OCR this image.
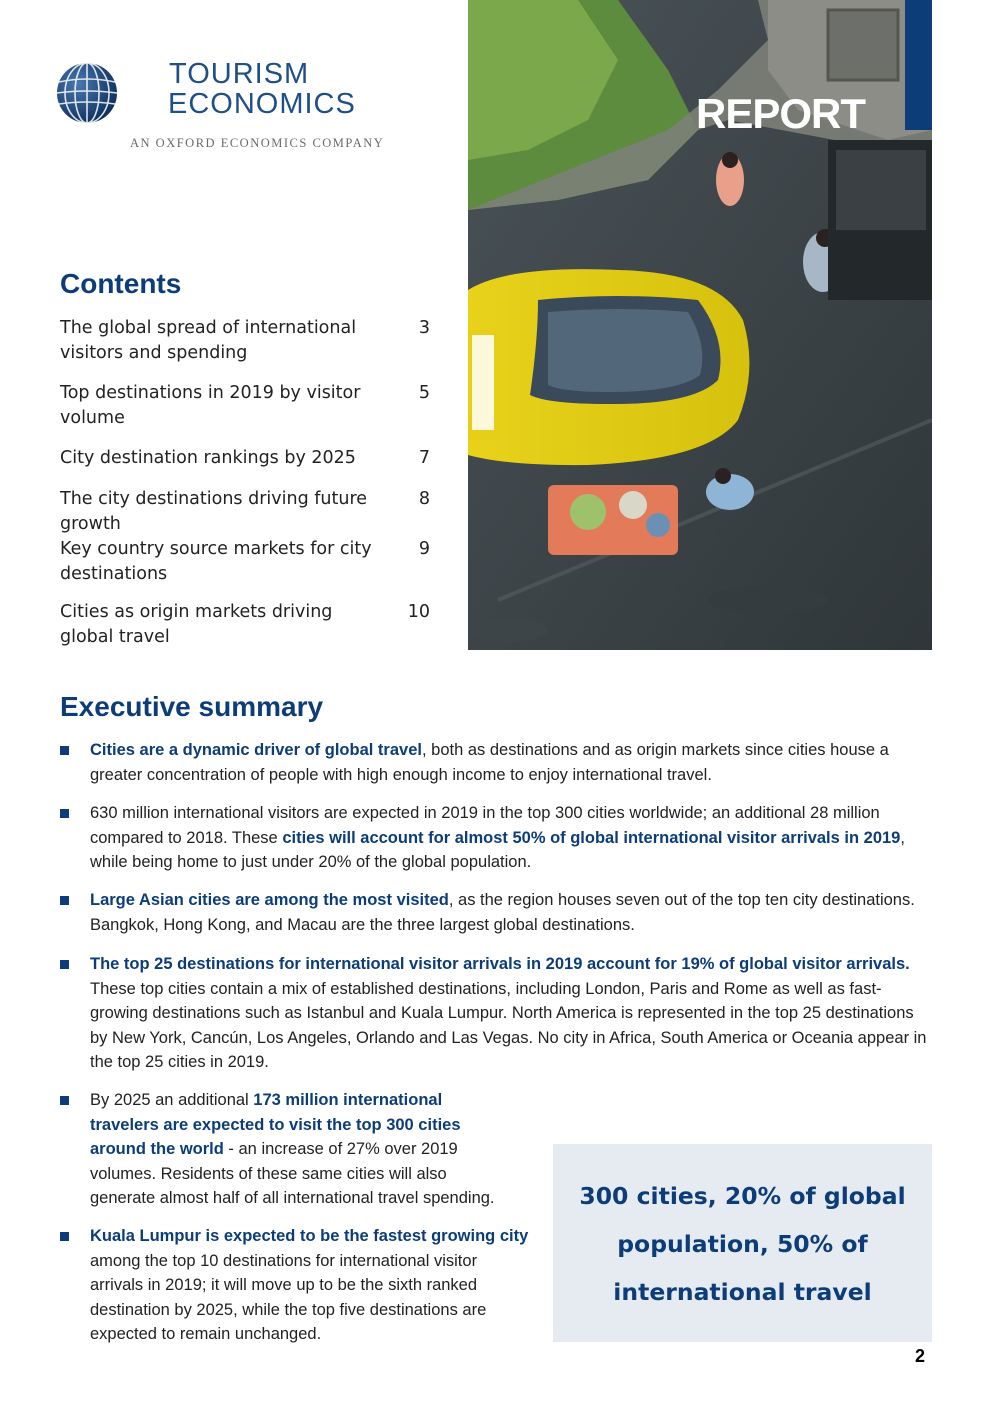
TOURISM
ECONOMICS
AN OXFORD ECONOMICS COMPANY
REPORT
Contents
The global spread of international visitors and spending
3
Top destinations in 2019 by visitor volume
5
City destination rankings by 2025	7
The city destinations driving future growth
8
Key country source markets for city destinations
9
Cities as origin markets driving global travel
10
Executive summary
Cities are a dynamic driver of global travel, both as destinations and as origin markets since cities house a greater concentration of people with high enough income to enjoy international travel.
630 million international visitors are expected in 2019 in the top 300 cities worldwide; an additional 28 million compared to 2018. These cities will account for almost 50% of global international visitor arrivals in 2019, while being home to just under 20% of the global population.
Large Asian cities are among the most visited, as the region houses seven out of the top ten city destinations. Bangkok, Hong Kong, and Macau are the three largest global destinations.
The top 25 destinations for international visitor arrivals in 2019 account for 19% of global visitor arrivals. These top cities contain a mix of established destinations, including London, Paris and Rome as well as fast-growing destinations such as Istanbul and Kuala Lumpur. North America is represented in the top 25 destinations by New York, Cancún, Los Angeles, Orlando and Las Vegas. No city in Africa, South America or Oceania appear in the top 25 cities in 2019.
By 2025 an additional 173 million international travelers are expected to visit the top 300 cities around the world - an increase of 27% over 2019 volumes. Residents of these same cities will also generate almost half of all international travel spending.
Kuala Lumpur is expected to be the fastest growing city among the top 10 destinations for international visitor arrivals in 2019; it will move up to be the sixth ranked destination by 2025, while the top five destinations are expected to remain unchanged.
300 cities, 20% of global
population, 50% of
international travel
2
